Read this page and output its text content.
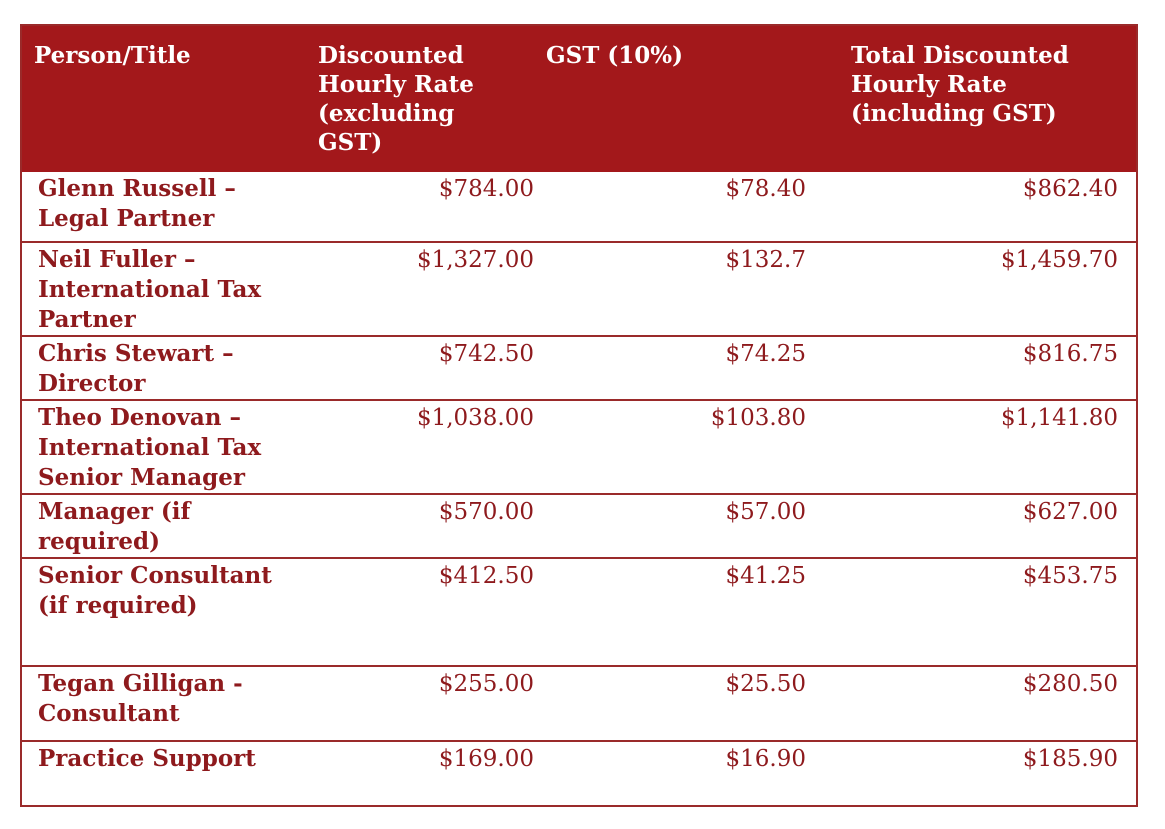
Person/Title	Discounted Hourly Rate (excluding GST)	GST (10%)	Total Discounted Hourly Rate (including GST)
Glenn Russell – Legal Partner	$784.00	$78.40	$862.40
Neil Fuller – International Tax Partner	$1,327.00	$132.7	$1,459.70
Chris Stewart – Director	$742.50	$74.25	$816.75
Theo Denovan – International Tax Senior Manager	$1,038.00	$103.80	$1,141.80
Manager (if required)	$570.00	$57.00	$627.00
Senior Consultant (if required)	$412.50	$41.25	$453.75
Tegan Gilligan - Consultant	$255.00	$25.50	$280.50
Practice Support	$169.00	$16.90	$185.90
